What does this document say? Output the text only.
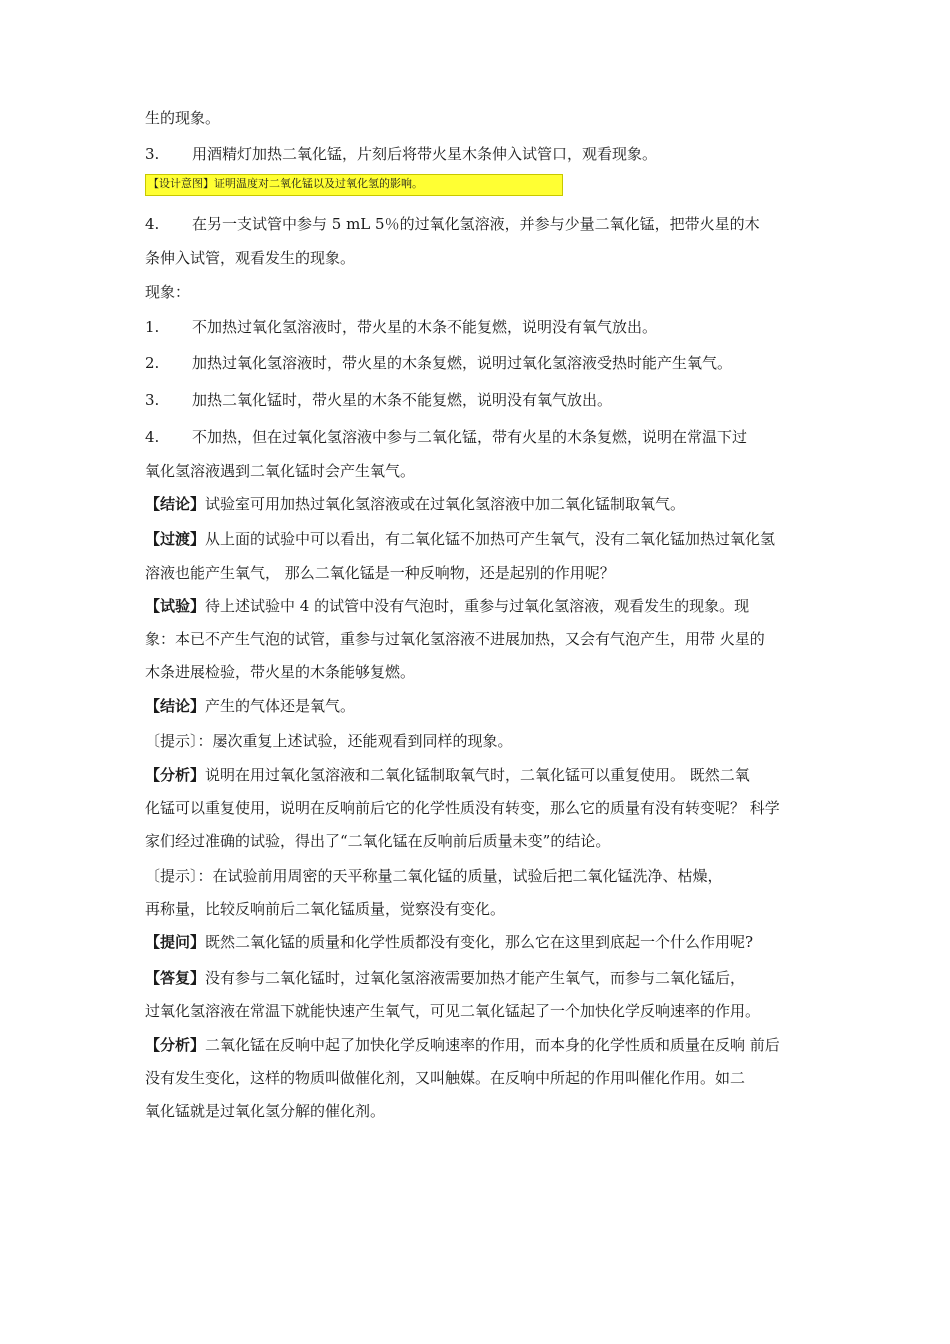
生的现象。
3. 用酒精灯加热二氧化锰，片刻后将带火星木条伸入试管口，观看现象。
【设计意图】证明温度对二氧化锰以及过氧化氢的影响。
4. 在另一支试管中参与 5 mL 5％的过氧化氢溶液，并参与少量二氧化锰，把带火星的木
条伸入试管，观看发生的现象。
现象：
1. 不加热过氧化氢溶液时，带火星的木条不能复燃，说明没有氧气放出。
2. 加热过氧化氢溶液时，带火星的木条复燃，说明过氧化氢溶液受热时能产生氧气。
3. 加热二氧化锰时，带火星的木条不能复燃，说明没有氧气放出。
4. 不加热，但在过氧化氢溶液中参与二氧化锰，带有火星的木条复燃，说明在常温下过
氧化氢溶液遇到二氧化锰时会产生氧气。
【结论】试验室可用加热过氧化氢溶液或在过氧化氢溶液中加二氧化锰制取氧气。
【过渡】从上面的试验中可以看出，有二氧化锰不加热可产生氧气，没有二氧化锰加热过氧化氢
溶液也能产生氧气， 那么二氧化锰是一种反响物，还是起别的作用呢？
【试验】待上述试验中 4 的试管中没有气泡时，重参与过氧化氢溶液，观看发生的现象。现
象：本已不产生气泡的试管，重参与过氧化氢溶液不进展加热，又会有气泡产生，用带 火星的
木条进展检验，带火星的木条能够复燃。
【结论】产生的气体还是氧气。
〔提示〕：屡次重复上述试验，还能观看到同样的现象。
【分析】说明在用过氧化氢溶液和二氧化锰制取氧气时，二氧化锰可以重复使用。 既然二氧
化锰可以重复使用，说明在反响前后它的化学性质没有转变，那么它的质量有没有转变呢？ 科学
家们经过准确的试验，得出了“二氧化锰在反响前后质量未变”的结论。
〔提示〕：在试验前用周密的天平称量二氧化锰的质量，试验后把二氧化锰洗净、枯燥，
再称量，比较反响前后二氧化锰质量，觉察没有变化。
【提问】既然二氧化锰的质量和化学性质都没有变化，那么它在这里到底起一个什么作用呢?
【答复】没有参与二氧化锰时，过氧化氢溶液需要加热才能产生氧气，而参与二氧化锰后，
过氧化氢溶液在常温下就能快速产生氧气，可见二氧化锰起了一个加快化学反响速率的作用。
【分析】二氧化锰在反响中起了加快化学反响速率的作用，而本身的化学性质和质量在反响 前后
没有发生变化，这样的物质叫做催化剂，又叫触媒。在反响中所起的作用叫催化作用。如二
氧化锰就是过氧化氢分解的催化剂。
